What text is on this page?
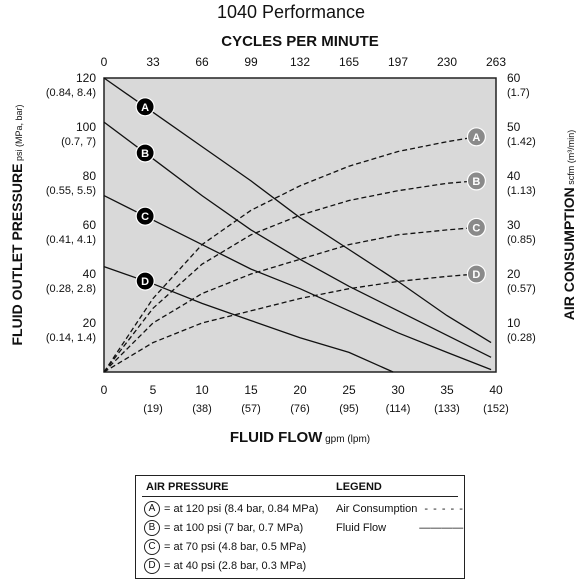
1040 Performance
CYCLES PER MINUTE
0	33	66	99	132 165 197 230 263
120
(0.84, 8.4)
100
(0.7, 7)
80
(0.55, 5.5)
60
(0.41, 4.1)
40
(0.28, 2.8)
20
(0.14, 1.4)
60
(1.7)
50
(1.42)
40
(1.13)
30
(0.85)
20
(0.57)
10
(0.28)
0	5
(19)
10
(38)
15
(57)
20
(76)
25
(95)
30
(114)
35
(133)
40
(152)
FLUID FLOW gpm (lpm)
FLUID OUTLET PRESSURE psi (MPa, bar)
AIR CONSUMPTION scfm (m³/min)
A
B
C
D
A
B
C
D
AIR PRESSURE	LEGEND
A = at 120 psi (8.4 bar, 0.84 MPa)
B = at 100 psi (7 bar, 0.7 MPa)
C = at 70 psi (4.8 bar, 0.5 MPa)
D = at 40 psi (2.8 bar, 0.3 MPa)
Air Consumption - - - - -
Fluid Flow	————
